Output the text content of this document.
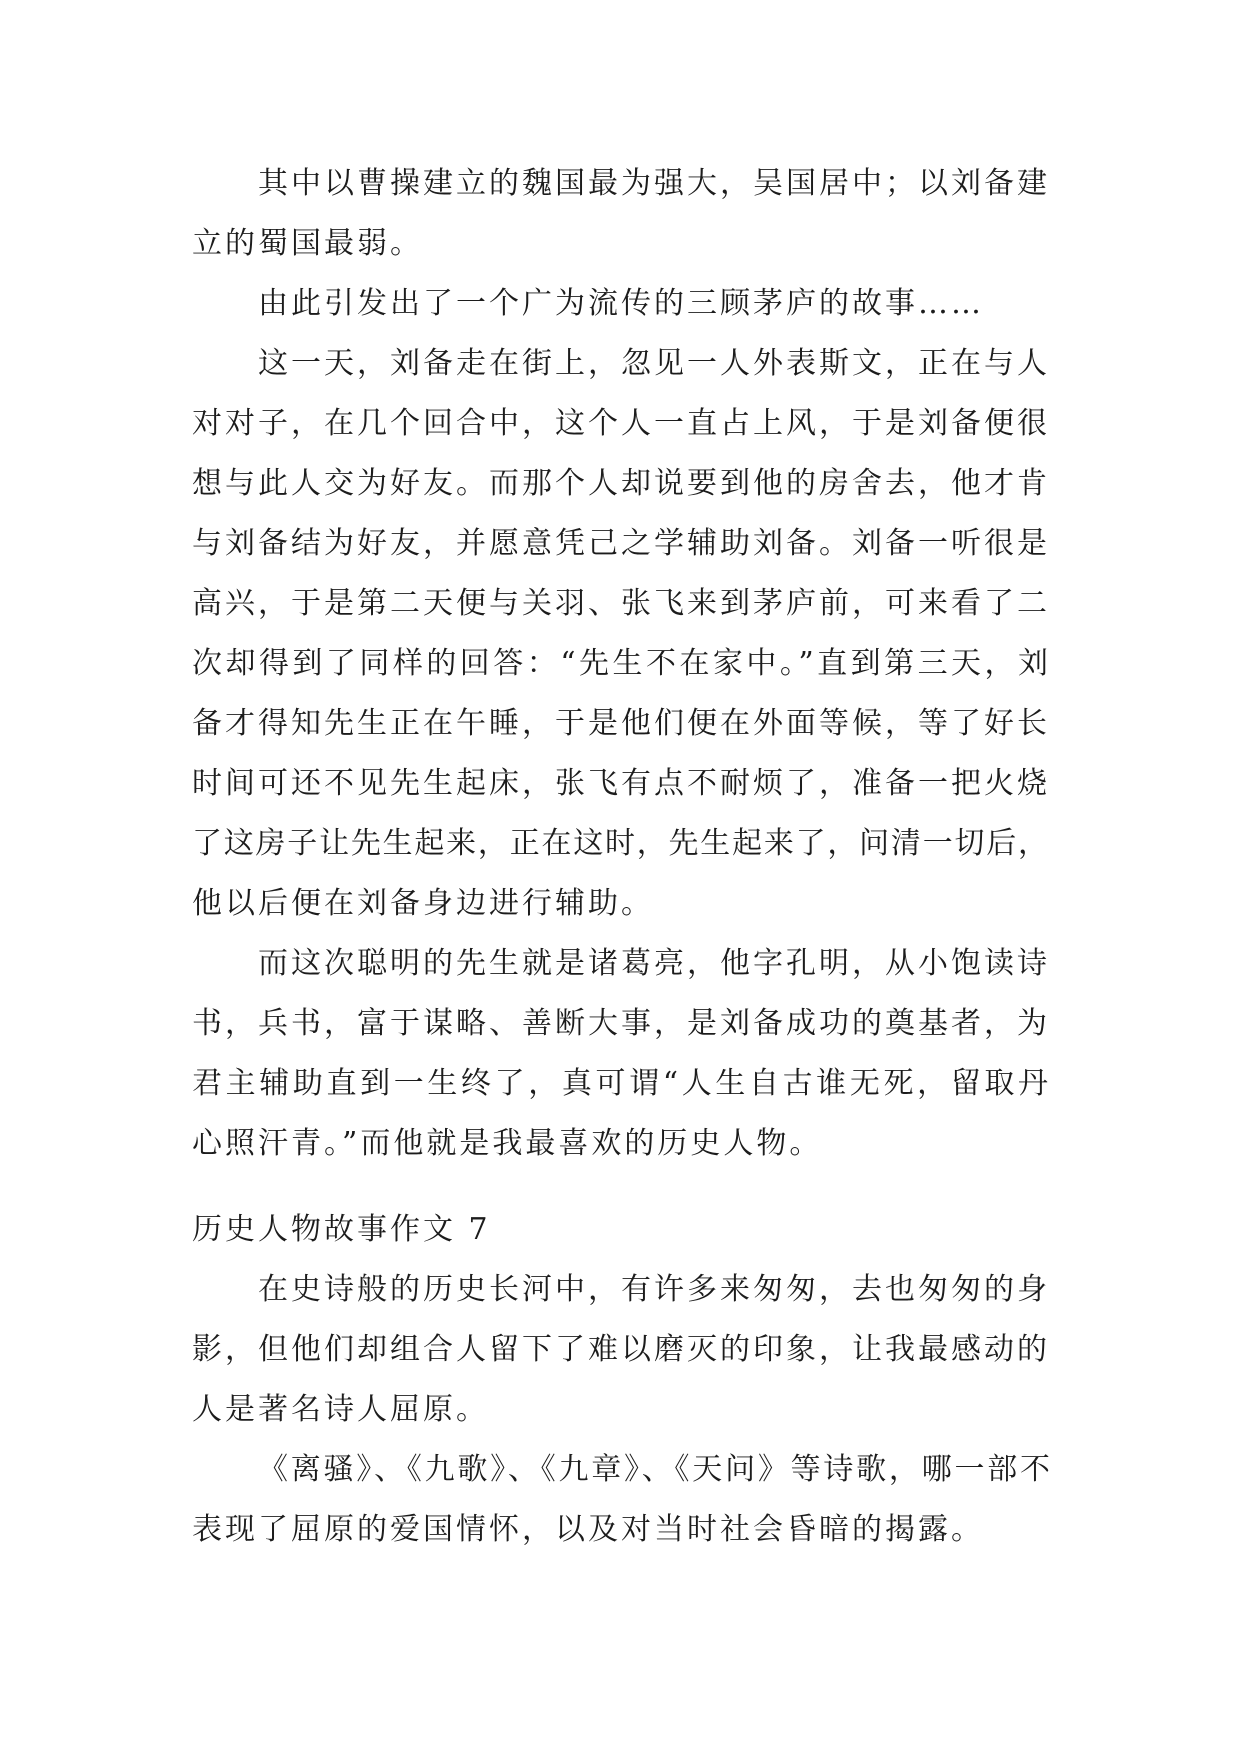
其中以曹操建立的魏国最为强大，吴国居中；以刘备建
立的蜀国最弱。
由此引发出了一个广为流传的三顾茅庐的故事……
这一天，刘备走在街上，忽见一人外表斯文，正在与人
对对子，在几个回合中，这个人一直占上风，于是刘备便很
想与此人交为好友。而那个人却说要到他的房舍去，他才肯
与刘备结为好友，并愿意凭己之学辅助刘备。刘备一听很是
高兴，于是第二天便与关羽、张飞来到茅庐前，可来看了二
次却得到了同样的回答：“先生不在家中。”直到第三天，刘
备才得知先生正在午睡，于是他们便在外面等候，等了好长
时间可还不见先生起床，张飞有点不耐烦了，准备一把火烧
了这房子让先生起来，正在这时，先生起来了，问清一切后，
他以后便在刘备身边进行辅助。
而这次聪明的先生就是诸葛亮，他字孔明，从小饱读诗
书，兵书，富于谋略、善断大事，是刘备成功的奠基者，为
君主辅助直到一生终了，真可谓“人生自古谁无死，留取丹
心照汗青。”而他就是我最喜欢的历史人物。
历史人物故事作文 7
在史诗般的历史长河中，有许多来匆匆，去也匆匆的身
影，但他们却组合人留下了难以磨灭的印象，让我最感动的
人是著名诗人屈原。
《离骚》、《九歌》、《九章》、《天问》等诗歌，哪一部不
表现了屈原的爱国情怀，以及对当时社会昏暗的揭露。
